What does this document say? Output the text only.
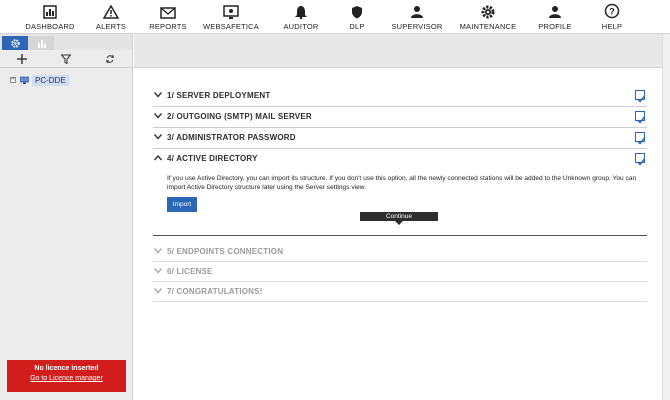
DASHBOARD	ALERTS	REPORTS WEBSAFETICA	AUDITOR	DLP	SUPERVISOR MAINTENANCE	PROFILE
?
HELP
+	PC-DDE
No licence inserted
Go to Licence manager
1/ SERVER DEPLOYMENT
2/ OUTGOING (SMTP) MAIL SERVER
3/ ADMINISTRATOR PASSWORD
4/ ACTIVE DIRECTORY
If you use Active Directory, you can import its structure. If you don't use this option, all the newly connected stations will be added to the Unknown group. You can import Active Directory structure later using the Server settings view.
Import
Continue
5/ ENDPOINTS CONNECTION
6/ LICENSE
7/ CONGRATULATIONS!
